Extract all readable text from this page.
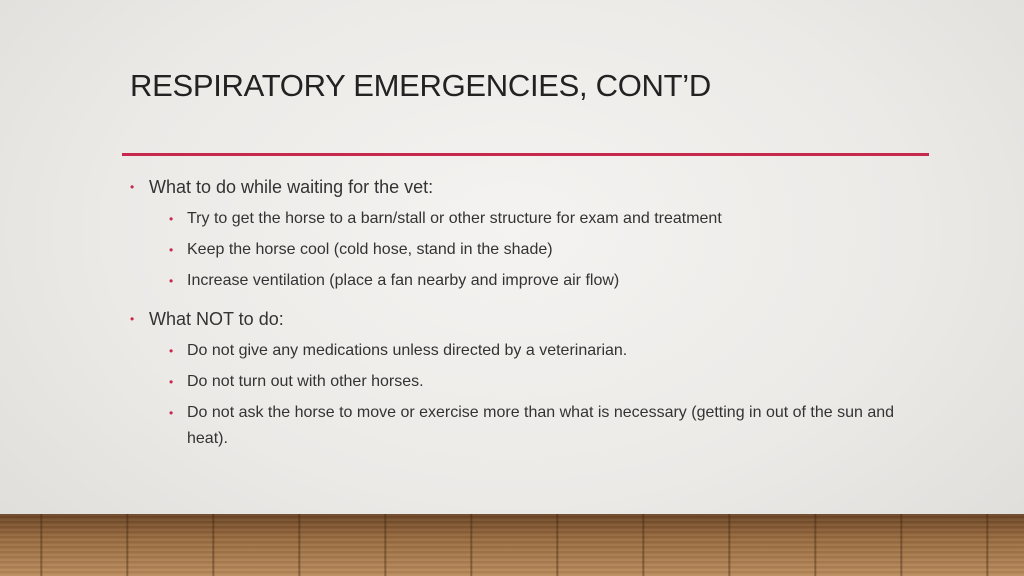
RESPIRATORY EMERGENCIES, CONT’D
• What to do while waiting for the vet:
• Try to get the horse to a barn/stall or other structure for exam and treatment
• Keep the horse cool (cold hose, stand in the shade)
• Increase ventilation (place a fan nearby and improve air flow)
• What NOT to do:
• Do not give any medications unless directed by a veterinarian.
• Do not turn out with other horses.
• Do not ask the horse to move or exercise more than what is necessary (getting in out of the sun and heat).
